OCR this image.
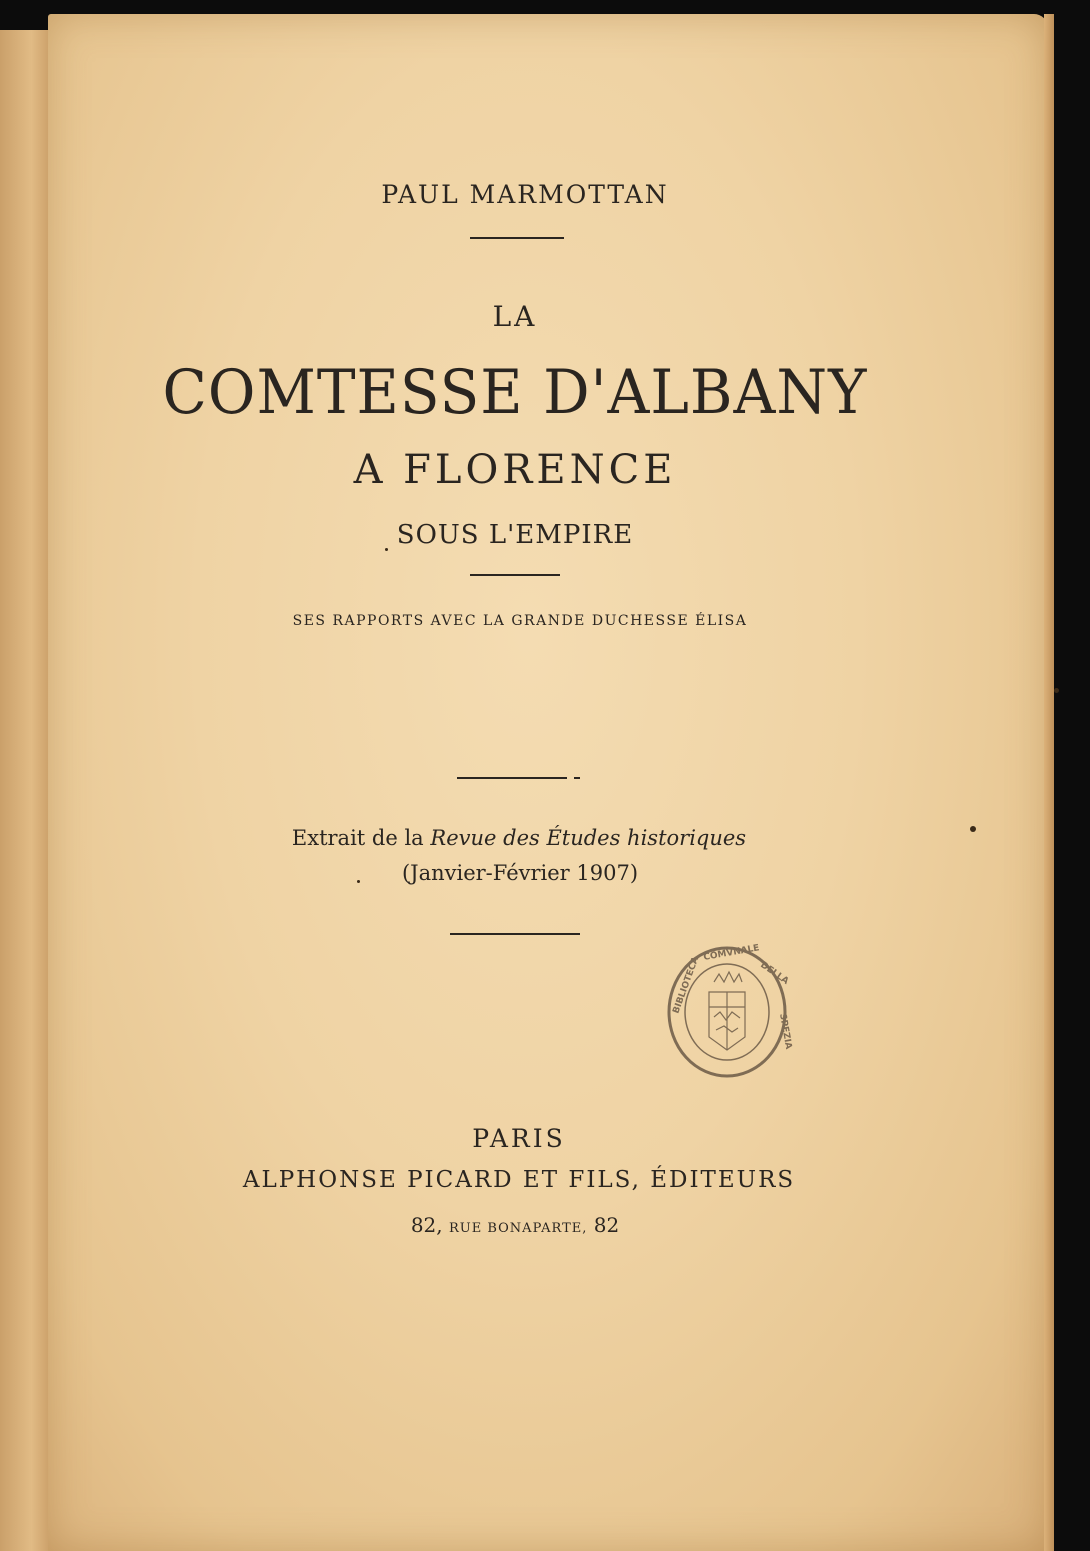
PAUL MARMOTTAN
LA
COMTESSE D'ALBANY
A FLORENCE
SOUS L'EMPIRE
SES RAPPORTS AVEC LA GRANDE DUCHESSE ÉLISA
Extrait de la Revue des Études historiques
(Janvier-Février 1907)
BIBLIOTECA
COMVNALE
DELLA
SPEZIA
PARIS
ALPHONSE PICARD ET FILS, ÉDITEURS
82, RUE BONAPARTE, 82
